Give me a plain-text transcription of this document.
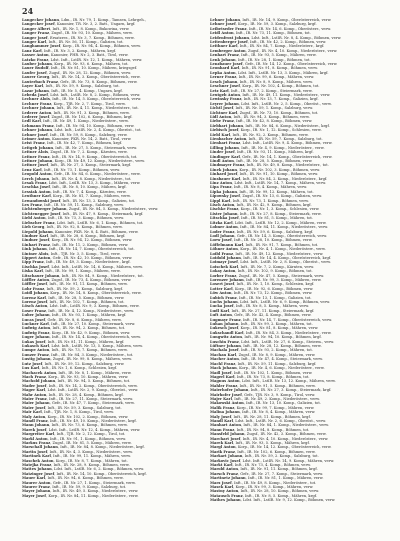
24
Langecker Johann, Ldm., IR. Nr. 79, 1. Komp., Tamsen, Lehrgeh.,
Langecker Josef, Kanonier, TR. Nr. 3, 2. Batt., Ungarn, krgf.
Langer Albert, Inft., IR. Nr. 1, 8. Komp., Bukowina, verw.
Langer Franz, Zugsf., IR. Nr. 93, 10. Komp., Mähren, verw.
Langer Josef, Ersatzres., IR. Nr. 3, 7. Komp., Böhmen, verw.
Langer Karl, Inft., IR. Nr. 56, 11. Komp., Galizien, tot.
Langhammer Josef, Korp., IR. Nr. 94, 4. Komp., Böhmen, verw.
Lanz Karl, Inft., IR. Nr. 3, 2. Komp., Mähren, krgf.
Lasser Anton, Kanonier, FHR. Nr. 2, 3. Batt., Tirol, verw.
Latzko Franz, Ldst. Inft., LstIR. Nr. 12, 1. Komp., Mähren, verw.
Lauber Johann, Korp., IR. Nr. 93, 6. Komp., Mähren, tot.
Lauer Rudolf, Inft., IR. Nr. 81, 10. Komp., Mähren, kriegsgef.
Laufer Josef, Zugsf., IR. Nr. 28, 12. Komp., Böhmen, verw.
Laurer Georg, Inft., IR. Nr. 14, 3. Komp., Oberösterreich, verw.
Lauterbach Franz, Gefr., IR. Nr. 73, 8. Komp., Böhmen, verw.
Layer Karl, Inft., IR. Nr. 59, 9. Komp., Salzburg, tot.
Lazar Johann, Inft., IR. Nr. 5, 4. Komp., Ungarn, krgf.
Lebeda Josef, Ldst. Inft., LstIR. Nr. 8, 2. Komp., Böhmen, verw.
Lechner Alois, Inft., IR. Nr. 14, 5. Komp., Oberösterreich, verw.
Lechner Franz, Korp., TJR. Nr. 2, 7. Komp., Tirol, verw.
Lechner Johann, Inft., IR. Nr. 4, 11. Komp., Niederösterr., tot.
Lederer Anton, Inft., IR. Nr. 91, 3. Komp., Böhmen, verw.
Lederer Josef, Zugsf., IR. Nr. 102, 6. Komp., Böhmen, krgf.
Ledl Karl, Inft., IR. Nr. 49, 1. Komp., Niederösterr., verw.
Lehmann Franz, Inft., IR. Nr. 94, 10. Komp., Böhmen, verw.
Lehner Johann, Ldst. Inft., LstIR. Nr. 2, 4. Komp., Oberöst., tot.
Lehner Josef, Inft., IR. Nr. 59, 8. Komp., Salzburg, verw.
Leimer Anton, Kanonier, FKR. Nr. 14, 2. Batt., Tirol, verw.
Leist Franz, Inft., IR. Nr. 42, 7. Komp., Böhmen, krgf.
Leitgeb Johann, Inft., IR. Nr. 27, 5. Komp., Steiermark, verw.
Leitner Alois, Zugsf., IR. Nr. 7, 2. Komp., Kärnten, verw.
Leitner Franz, Inft., IR. Nr. 14, 9. Komp., Oberösterreich, tot.
Leitner Johann, Korp., IR. Nr. 49, 12. Komp., Niederösterr., verw.
Leitner Josef, Inft., IR. Nr. 27, 3. Komp., Steiermark, krgf.
Lenz Karl, Inft., IR. Nr. 73, 1. Komp., Böhmen, verw.
Leopold Anton, Gefr., IR. Nr. 84, 6. Komp., Niederösterr., verw.
Lerch Johann, Inft., IR. Nr. 4, 8. Komp., Niederösterr., tot.
Lesak Franz, Ldst. Inft., LstIR. Nr. 13, 3. Komp., Mähren, verw.
Leschka Josef, Inft., IR. Nr. 8, 10. Komp., Mähren, krgf.
Lessiak Anton, Inft., IR. Nr. 7, 4. Komp., Kärnten, verw.
Leuthner Karl, Korp., IR. Nr. 81, 7. Komp., Mähren, verw.
Lewandowski Josef, Inft., IR. Nr. 13, 2. Komp., Galizien, tot.
Lex Franz, Inft., IR. Nr. 59, 11. Komp., Salzburg, verw.
Lichtenberger Johann, Zugsf., IR. Nr. 84, 5. Komp., Niederösterr., verw.
Lichtenegger Josef, Inft., IR. Nr. 47, 9. Komp., Steiermark, krgf.
Liebl Anton, Inft., IR. Nr. 73, 3. Komp., Böhmen, verw.
Liebscher Franz, Ldst. Inft., LstIR. Nr. 6, 1. Komp., Böhmen, tot.
Lieb Georg, Inft., IR. Nr. 92, 8. Komp., Böhmen, verw.
Liepold Johann, Kanonier, FKR. Nr. 8, 4. Batt., Böhmen, verw.
Lindner Karl, Inft., IR. Nr. 28, 6. Komp., Böhmen, krgf.
Lindner Josef, Korp., IR. Nr. 94, 12. Komp., Böhmen, verw.
Linhart Franz, Inft., IR. Nr. 11, 2. Komp., Böhmen, verw.
Link Johann, Inft., IR. Nr. 14, 7. Komp., Oberösterreich, tot.
Lintner Alois, Inft., TJR. Nr. 3, 5. Komp., Tirol, verw.
Lippert Anton, Gefr., IR. Nr. 42, 10. Komp., Böhmen, verw.
Lipp Franz, Inft., IR. Nr. 49, 3. Komp., Niederösterr., krgf.
Lischka Josef, Ldst. Inft., LstIR. Nr. 14, 6. Komp., Mähren, verw.
Liska Karl, Inft., IR. Nr. 99, 1. Komp., Mähren, verw.
Litschauer Johann, Inft., IR. Nr. 84, 9. Komp., Niederösterr., tot.
Löffler Anton, Zugsf., IR. Nr. 73, 4. Komp., Böhmen, verw.
Löffler Josef, Inft., IR. Nr. 91, 11. Komp., Böhmen, verw.
Lohr Franz, Inft., IR. Nr. 59, 2. Komp., Salzburg, krgf.
Loidl Johann, Korp., IR. Nr. 14, 8. Komp., Oberösterreich, verw.
Lorenz Karl, Inft., IR. Nr. 28, 5. Komp., Böhmen, verw.
Lorenz Josef, Inft., IR. Nr. 102, 7. Komp., Böhmen, tot.
Lösch Anton, Ldst. Inft., LstIR. Nr. 9, 3. Komp., Böhmen, verw.
Loser Franz, Inft., IR. Nr. 4, 12. Komp., Niederösterr., verw.
Luber Johann, Inft., IR. Nr. 93, 1. Komp., Mähren, krgf.
Lucas Josef, Gefr., IR. Nr. 8, 6. Komp., Mähren, verw.
Luckner Karl, Inft., IR. Nr. 27, 10. Komp., Steiermark, verw.
Ludwig Anton, Inft., IR. Nr. 94, 2. Komp., Böhmen, tot.
Ludwig Franz, Korp., IR. Nr. 42, 9. Komp., Böhmen, verw.
Luger Johann, Inft., IR. Nr. 14, 4. Komp., Oberösterreich, verw.
Lukas Josef, Inft., IR. Nr. 81, 11. Komp., Mähren, krgf.
Lukasch Karl, Ldst. Inft., LstIR. Nr. 13, 5. Komp., Mähren, verw.
Lumpe Anton, Inft., IR. Nr. 73, 7. Komp., Böhmen, verw.
Lunzer Franz, Inft., IR. Nr. 84, 3. Komp., Niederösterr., tot.
Lustig Johann, Zugsf., IR. Nr. 99, 8. Komp., Mähren, verw.
Lutz Josef, Inft., IR. Nr. 59, 12. Komp., Salzburg, verw.
Lux Karl, Inft., IR. Nr. 1, 6. Komp., Schlesien, krgf.
Machacek Anton, Inft., IR. Nr. 8, 1. Komp., Mähren, verw.
Mach Franz, Korp., IR. Nr. 93, 10. Komp., Mähren, verw.
Machold Johann, Inft., IR. Nr. 94, 5. Komp., Böhmen, tot.
Mader Josef, Inft., IR. Nr. 14, 2. Komp., Oberösterreich, verw.
Mager Karl, Ldst. Inft., LstIR. Nr. 2, 9. Komp., Oberöst., verw.
Mahr Anton, Inft., IR. Nr. 28, 4. Komp., Böhmen, krgf.
Maier Franz, Inft., IR. Nr. 27, 11. Komp., Steiermark, verw.
Maier Johann, Gefr., IR. Nr. 47, 7. Komp., Steiermark, verw.
Maier Josef, Inft., IR. Nr. 59, 3. Komp., Salzburg, tot.
Mair Karl, Inft., TJR. Nr. 1, 8. Komp., Tirol, verw.
Maly Anton, Korp., IR. Nr. 102, 2. Komp., Böhmen, verw.
Mandl Franz, Inft., IR. Nr. 49, 10. Komp., Niederösterr., krgf.
Mann Johann, Inft., IR. Nr. 73, 6. Komp., Böhmen, verw.
Marek Josef, Ldst. Inft., LstIR. Nr. 12, 4. Komp., Mähren, verw.
Margreiter Karl, Inft., TJR. Nr. 2, 12. Komp., Tirol, tot.
Markl Anton, Inft., IR. Nr. 91, 1. Komp., Böhmen, verw.
Markus Franz, Zugsf., IR. Nr. 81, 5. Komp., Mähren, verw.
Marschall Johann, Inft., IR. Nr. 84, 8. Komp., Niederösterr., krgf.
Martin Josef, Inft., IR. Nr. 4, 3. Komp., Niederösterr., verw.
Martinek Karl, Inft., IR. Nr. 99, 11. Komp., Mähren, verw.
Maschek Anton, Korp., IR. Nr. 8, 7. Komp., Mähren, tot.
Matejka Franz, Inft., IR. Nr. 28, 9. Komp., Böhmen, verw.
Mattes Johann, Ldst. Inft., LstIR. Nr. 6, 2. Komp., Böhmen, verw.
Matzinger Josef, Inft., IR. Nr. 14, 10. Komp., Oberösterreich, krgf.
Mauer Karl, Inft., IR. Nr. 94, 6. Komp., Böhmen, verw.
Maurer Anton, Gefr., IR. Nr. 27, 1. Komp., Steiermark, verw.
Maurer Franz, Inft., IR. Nr. 59, 9. Komp., Salzburg, tot.
Mayer Johann, Inft., IR. Nr. 49, 5. Komp., Niederösterr., verw.
Mayer Josef, Korp., IR. Nr. 84, 11. Komp., Niederösterr., verw.
Lehner Johann, Inft., IR. Nr. 14, 9. Komp., Oberösterreich, verw.
Lehner Josef, Korp., IR. Nr. 59, 3. Komp., Salzburg, krgf.
Leibetseder Franz, Inft., IR. Nr. 14, 6. Komp., Oberösterr., verw.
Leidl Anton, Inft., IR. Nr. 73, 11. Komp., Böhmen, tot.
Leidenfrost Johann, Ldst. Inft., LstIR. Nr. 8, 4. Komp., Böhmen, verw.
Leitenberger Josef, Inft., IR. Nr. 42, 2. Komp., Böhmen, verw.
Leithner Karl, Inft., IR. Nr. 84, 7. Komp., Niederösterr., krgf.
Lemberger Anton, Zugsf., IR. Nr. 4, 10. Komp., Niederösterr., verw.
Lenhart Franz, Inft., IR. Nr. 93, 5. Komp., Mähren, verw.
Lenk Johann, Inft., IR. Nr. 28, 1. Komp., Böhmen, tot.
Lenzbauer Josef, Gefr., IR. Nr. 14, 12. Komp., Oberösterreich, verw.
Leonhard Karl, Inft., IR. Nr. 91, 8. Komp., Böhmen, verw.
Lepka Anton, Ldst. Inft., LstIR. Nr. 13, 3. Komp., Mähren, krgf.
Lerner Franz, Inft., IR. Nr. 99, 6. Komp., Mähren, verw.
Lesch Johann, Inft., IR. Nr. 8, 9. Komp., Mähren, verw.
Leschner Josef, Korp., IR. Nr. 102, 4. Komp., Böhmen, tot.
Letz Karl, Inft., IR. Nr. 27, 2. Komp., Steiermark, verw.
Leutgeb Anton, Inft., IR. Nr. 49, 11. Komp., Niederösterr., verw.
Lewinsky Franz, Inft., IR. Nr. 13, 7. Komp., Galizien, krgf.
Leyrer Johann, Ldst. Inft., LstIR. Nr. 2, 5. Komp., Oberöst., verw.
Lichtl Josef, Inft., IR. Nr. 59, 1. Komp., Salzburg, verw.
Lichtner Karl, Zugsf., IR. Nr. 73, 10. Komp., Böhmen, tot.
Lidl Anton, Inft., IR. Nr. 94, 3. Komp., Böhmen, verw.
Liebe Franz, Inft., IR. Nr. 42, 8. Komp., Böhmen, verw.
Liebhart Johann, Inft., IR. Nr. 84, 6. Komp., Niederösterr., krgf.
Liebisch Josef, Korp., IR. Nr. 1, 12. Komp., Schlesien, verw.
Liebl Karl, Inft., IR. Nr. 92, 2. Komp., Böhmen, verw.
Lienbacher Anton, Inft., IR. Nr. 59, 7. Komp., Salzburg, tot.
Lienhart Franz, Ldst. Inft., LstIR. Nr. 9, 4. Komp., Böhmen, verw.
Lilling Johann, Inft., IR. Nr. 4, 9. Komp., Niederösterr., verw.
Linder Josef, Inft., IR. Nr. 93, 11. Komp., Mähren, krgf.
Lindinger Karl, Gefr., IR. Nr. 14, 1. Komp., Oberösterreich, verw.
Lindl Anton, Inft., IR. Nr. 28, 5. Komp., Böhmen, verw.
Lindmayer Franz, Inft., IR. Nr. 49, 8. Komp., Niederösterr., tot.
Linek Johann, Korp., IR. Nr. 102, 3. Komp., Böhmen, verw.
Linhard Josef, Inft., IR. Nr. 91, 10. Komp., Böhmen, verw.
Linsbauer Karl, Inft., IR. Nr. 84, 2. Komp., Niederösterr., krgf.
Linz Anton, Ldst. Inft., LstIR. Nr. 14, 7. Komp., Mähren, verw.
Lipa Franz, Inft., IR. Nr. 8, 4. Komp., Mähren, verw.
Lipka Johann, Inft., IR. Nr. 99, 12. Komp., Mähren, tot.
Lipowsky Josef, Zugsf., IR. Nr. 13, 6. Komp., Galizien, verw.
Lippl Karl, Inft., IR. Nr. 73, 1. Komp., Böhmen, verw.
Lisch Anton, Inft., IR. Nr. 42, 9. Komp., Böhmen, krgf.
Lischke Franz, Korp., IR. Nr. 1, 3. Komp., Schlesien, verw.
Lister Johann, Inft., IR. Nr. 27, 8. Komp., Steiermark, verw.
Litschka Josef, Inft., IR. Nr. 81, 5. Komp., Mähren, tot.
Litzka Karl, Ldst. Inft., LstIR. Nr. 12, 2. Komp., Mähren, verw.
Lobner Anton, Inft., IR. Nr. 84, 11. Komp., Niederösterr., verw.
Loder Franz, Inft., IR. Nr. 59, 6. Komp., Salzburg, krgf.
Lodl Johann, Gefr., IR. Nr. 14, 3. Komp., Oberösterreich, verw.
Loew Josef, Inft., IR. Nr. 28, 10. Komp., Böhmen, verw.
Löffelmann Karl, Inft., IR. Nr. 91, 7. Komp., Böhmen, tot.
Löhner Anton, Korp., IR. Nr. 4, 1. Komp., Niederösterr., verw.
Loibl Franz, Inft., IR. Nr. 49, 12. Komp., Niederösterr., verw.
Loidold Johann, Inft., IR. Nr. 14, 4. Komp., Oberösterreich, krgf.
Loimayr Josef, Ldst. Inft., LstIR. Nr. 2, 8. Komp., Oberöst., verw.
Loischek Karl, Inft., IR. Nr. 7, 2. Komp., Kärnten, verw.
Lokay Anton, Inft., IR. Nr. 102, 9. Komp., Böhmen, tot.
Lorber Franz, Zugsf., IR. Nr. 47, 5. Komp., Steiermark, verw.
Lorenzer Johann, Inft., IR. Nr. 99, 3. Komp., Mähren, verw.
Losert Josef, Inft., IR. Nr. 1, 10. Komp., Schlesien, krgf.
Lotter Karl, Korp., IR. Nr. 92, 6. Komp., Böhmen, verw.
Löw Anton, Inft., IR. Nr. 73, 12. Komp., Böhmen, verw.
Lubich Franz, Inft., IR. Nr. 13, 1. Komp., Galizien, tot.
Luchs Johann, Ldst. Inft., LstIR. Nr. 6, 9. Komp., Böhmen, verw.
Lucka Josef, Inft., IR. Nr. 8, 5. Komp., Mähren, verw.
Ludl Karl, Inft., IR. Nr. 27, 11. Komp., Steiermark, krgf.
Luft Anton, Gefr., IR. Nr. 42, 4. Komp., Böhmen, verw.
Lugmayr Franz, Inft., IR. Nr. 14, 7. Komp., Oberösterreich, verw.
Luhan Johann, Inft., IR. Nr. 99, 2. Komp., Mähren, tot.
Lukesch Josef, Korp., IR. Nr. 81, 8. Komp., Mähren, verw.
Lukschandl Karl, Inft., IR. Nr. 84, 3. Komp., Niederösterr., verw.
Lungwitz Anton, Inft., IR. Nr. 94, 10. Komp., Böhmen, krgf.
Luschin Franz, Ldst. Inft., LstIR. Nr. 27, 6. Komp., Steierm., verw.
Lüftner Johann, Inft., IR. Nr. 28, 12. Komp., Böhmen, verw.
Machala Josef, Inft., IR. Nr. 93, 2. Komp., Mähren, tot.
Machan Karl, Zugsf., IR. Nr. 8, 9. Komp., Mähren, verw.
Macher Anton, Inft., IR. Nr. 47, 4. Komp., Steiermark, verw.
Machl Franz, Inft., IR. Nr. 59, 11. Komp., Salzburg, krgf.
Mack Johann, Korp., IR. Nr. 4, 6. Komp., Niederösterr., verw.
Madl Josef, Inft., IR. Nr. 102, 1. Komp., Böhmen, verw.
Magerl Karl, Inft., IR. Nr. 73, 8. Komp., Böhmen, tot.
Magnus Anton, Ldst. Inft., LstIR. Nr. 13, 12. Komp., Mähren, verw.
Mahler Franz, Inft., IR. Nr. 91, 5. Komp., Böhmen, verw.
Maierhofer Johann, Inft., IR. Nr. 27, 3. Komp., Steiermark, krgf.
Mairhofer Josef, Gefr., TJR. Nr. 3, 9. Komp., Tirol, verw.
Majer Karl, Inft., IR. Nr. 49, 2. Komp., Niederösterr., verw.
Makowski Anton, Inft., IR. Nr. 13, 10. Komp., Galizien, tot.
Malik Franz, Korp., IR. Nr. 99, 7. Komp., Mähren, verw.
Malina Johann, Inft., IR. Nr. 8, 4. Komp., Mähren, verw.
Maly Josef, Inft., IR. Nr. 28, 11. Komp., Böhmen, krgf.
Mandl Karl, Ldst. Inft., LstIR. Nr. 2, 6. Komp., Oberöst., verw.
Manhart Anton, Inft., IR. Nr. 84, 1. Komp., Niederösterr., verw.
Mann Franz, Inft., IR. Nr. 94, 8. Komp., Böhmen, tot.
Mansfeld Johann, Zugsf., IR. Nr. 42, 3. Komp., Böhmen, verw.
Marchart Josef, Inft., IR. Nr. 4, 10. Komp., Niederösterr., verw.
Marek Karl, Inft., IR. Nr. 93, 5. Komp., Mähren, krgf.
Margl Anton, Korp., IR. Nr. 14, 12. Komp., Oberösterreich, verw.
Marik Franz, Inft., IR. Nr. 102, 6. Komp., Böhmen, verw.
Markart Johann, Inft., IR. Nr. 59, 2. Komp., Salzburg, tot.
Markovic Josef, Ldst. Inft., LstIR. Nr. 14, 9. Komp., Mähren, verw.
Markt Karl, Inft., IR. Nr. 73, 4. Komp., Böhmen, verw.
Marold Anton, Inft., IR. Nr. 91, 11. Komp., Böhmen, krgf.
Marsch Franz, Gefr., IR. Nr. 27, 7. Komp., Steiermark, verw.
Martinetz Johann, Inft., IR. Nr. 81, 1. Komp., Mähren, verw.
Marx Josef, Inft., IR. Nr. 49, 8. Komp., Niederösterr., tot.
Masek Karl, Korp., IR. Nr. 99, 3. Komp., Mähren, verw.
Mastny Anton, Inft., IR. Nr. 28, 10. Komp., Böhmen, verw.
Matausch Franz, Inft., IR. Nr. 8, 5. Komp., Mähren, krgf.
Mathes Johann, Ldst. Inft., LstIR. Nr. 9, 12. Komp., Böhmen, verw.
